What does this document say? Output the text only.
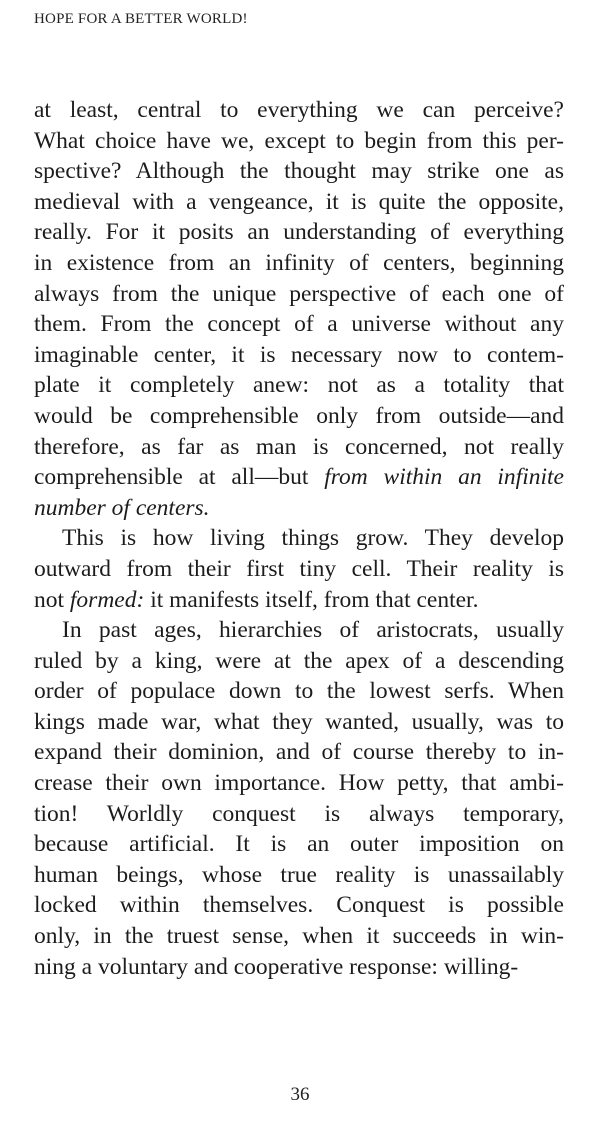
HOPE FOR A BETTER WORLD!

at least, central to everything we can perceive?
What choice have we, except to begin from this per-
spective? Although the thought may strike one as
medieval with a vengeance, it is quite the opposite,
really. For it posits an understanding of everything
in existence from an infinity of centers, beginning
always from the unique perspective of each one of
them. From the concept of a universe without any
imaginable center, it is necessary now to contem-
plate it completely anew: not as a totality that
would be comprehensible only from outside—and
therefore, as far as man is concerned, not really
comprehensible at all—but from within an infinite
number of centers.

This is how living things grow. They develop
outward from their first tiny cell. Their reality is
not formed: it manifests itself, from that center.

In past ages, hierarchies of aristocrats, usually
ruled by a king, were at the apex of a descending
order of populace down to the lowest serfs. When
kings made war, what they wanted, usually, was to
expand their dominion, and of course thereby to in-
crease their own importance. How petty, that ambi-
tion! Worldly conquest is always temporary,
because artificial. It is an outer imposition on
human beings, whose true reality is unassailably
locked within themselves. Conquest is possible
only, in the truest sense, when it succeeds in win-
ning a voluntary and cooperative response: willing-

36
